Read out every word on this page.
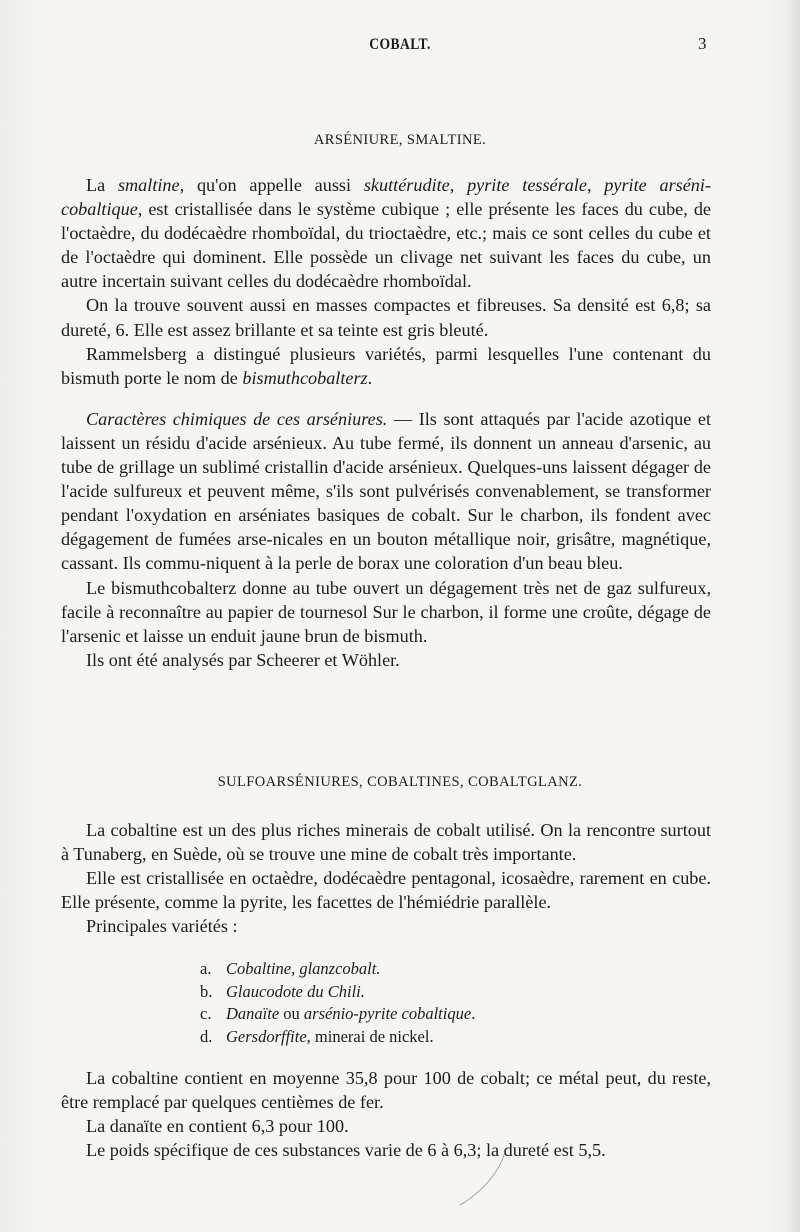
COBALT.	3
ARSÉNIURE, SMALTINE.

La smaltine, qu'on appelle aussi skuttérudite, pyrite tessérale, pyrite arséni-cobaltique, est cristallisée dans le système cubique ; elle présente les faces du cube, de l'octaèdre, du dodécaèdre rhomboïdal, du trioctaèdre, etc.; mais ce sont celles du cube et de l'octaèdre qui dominent. Elle possède un clivage net suivant les faces du cube, un autre incertain suivant celles du dodécaèdre rhomboïdal.

On la trouve souvent aussi en masses compactes et fibreuses. Sa densité est 6,8; sa dureté, 6. Elle est assez brillante et sa teinte est gris bleuté.

Rammelsberg a distingué plusieurs variétés, parmi lesquelles l'une contenant du bismuth porte le nom de bismuthcobalterz.

Caractères chimiques de ces arséniures. — Ils sont attaqués par l'acide azotique et laissent un résidu d'acide arsénieux. Au tube fermé, ils donnent un anneau d'arsenic, au tube de grillage un sublimé cristallin d'acide arsénieux. Quelques-uns laissent dégager de l'acide sulfureux et peuvent même, s'ils sont pulvérisés convenablement, se transformer pendant l'oxydation en arséniates basiques de cobalt. Sur le charbon, ils fondent avec dégagement de fumées arse-nicales en un bouton métallique noir, grisâtre, magnétique, cassant. Ils commu-niquent à la perle de borax une coloration d'un beau bleu.

Le bismuthcobalterz donne au tube ouvert un dégagement très net de gaz sulfureux, facile à reconnaître au papier de tournesol Sur le charbon, il forme une croûte, dégage de l'arsenic et laisse un enduit jaune brun de bismuth.

Ils ont été analysés par Scheerer et Wöhler.

SULFOARSÉNIURES, COBALTINES, COBALTGLANZ.

La cobaltine est un des plus riches minerais de cobalt utilisé. On la rencontre surtout à Tunaberg, en Suède, où se trouve une mine de cobalt très importante.

Elle est cristallisée en octaèdre, dodécaèdre pentagonal, icosaèdre, rarement en cube. Elle présente, comme la pyrite, les facettes de l'hémiédrie parallèle.

Principales variétés :

a. Cobaltine, glanzcobalt.
b. Glaucodote du Chili.
c. Danaïte ou arsénio-pyrite cobaltique.
d. Gersdorffite, minerai de nickel.

La cobaltine contient en moyenne 35,8 pour 100 de cobalt; ce métal peut, du reste, être remplacé par quelques centièmes de fer.

La danaïte en contient 6,3 pour 100.

Le poids spécifique de ces substances varie de 6 à 6,3; la dureté est 5,5.
